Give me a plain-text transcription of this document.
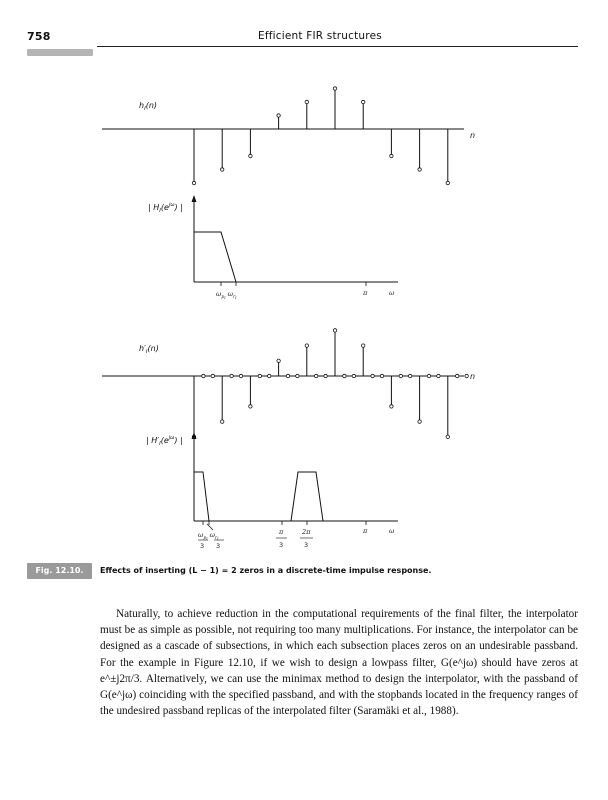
758	Efficient FIR structures
$h_I(n)$
n
| $H_I(e^{j\omega})$ |
$\omega_pI$ $\omega_rI$
π	ω
$h'_I(n)$
n
| $H'_I(e^{j\omega})$ |
$\omega_pI$ $\omega_rI$
3 3
π
3
2π
3
π	ω
Fig. 12.10.	Effects of inserting (L − 1) = 2 zeros in a discrete-time impulse response.

Naturally, to achieve reduction in the computational requirements of the final filter, the interpolator must be as simple as possible, not requiring too many multiplications. For instance, the interpolator can be designed as a cascade of subsections, in which each subsection places zeros on an undesirable passband. For the example in Figure 12.10, if we wish to design a lowpass filter, G(e^jω) should have zeros at e^±j2π/3. Alternatively, we can use the minimax method to design the interpolator, with the passband of G(e^jω) coinciding with the specified passband, and with the stopbands located in the frequency ranges of the undesired passband replicas of the interpolated filter (Saramäki et al., 1988).
